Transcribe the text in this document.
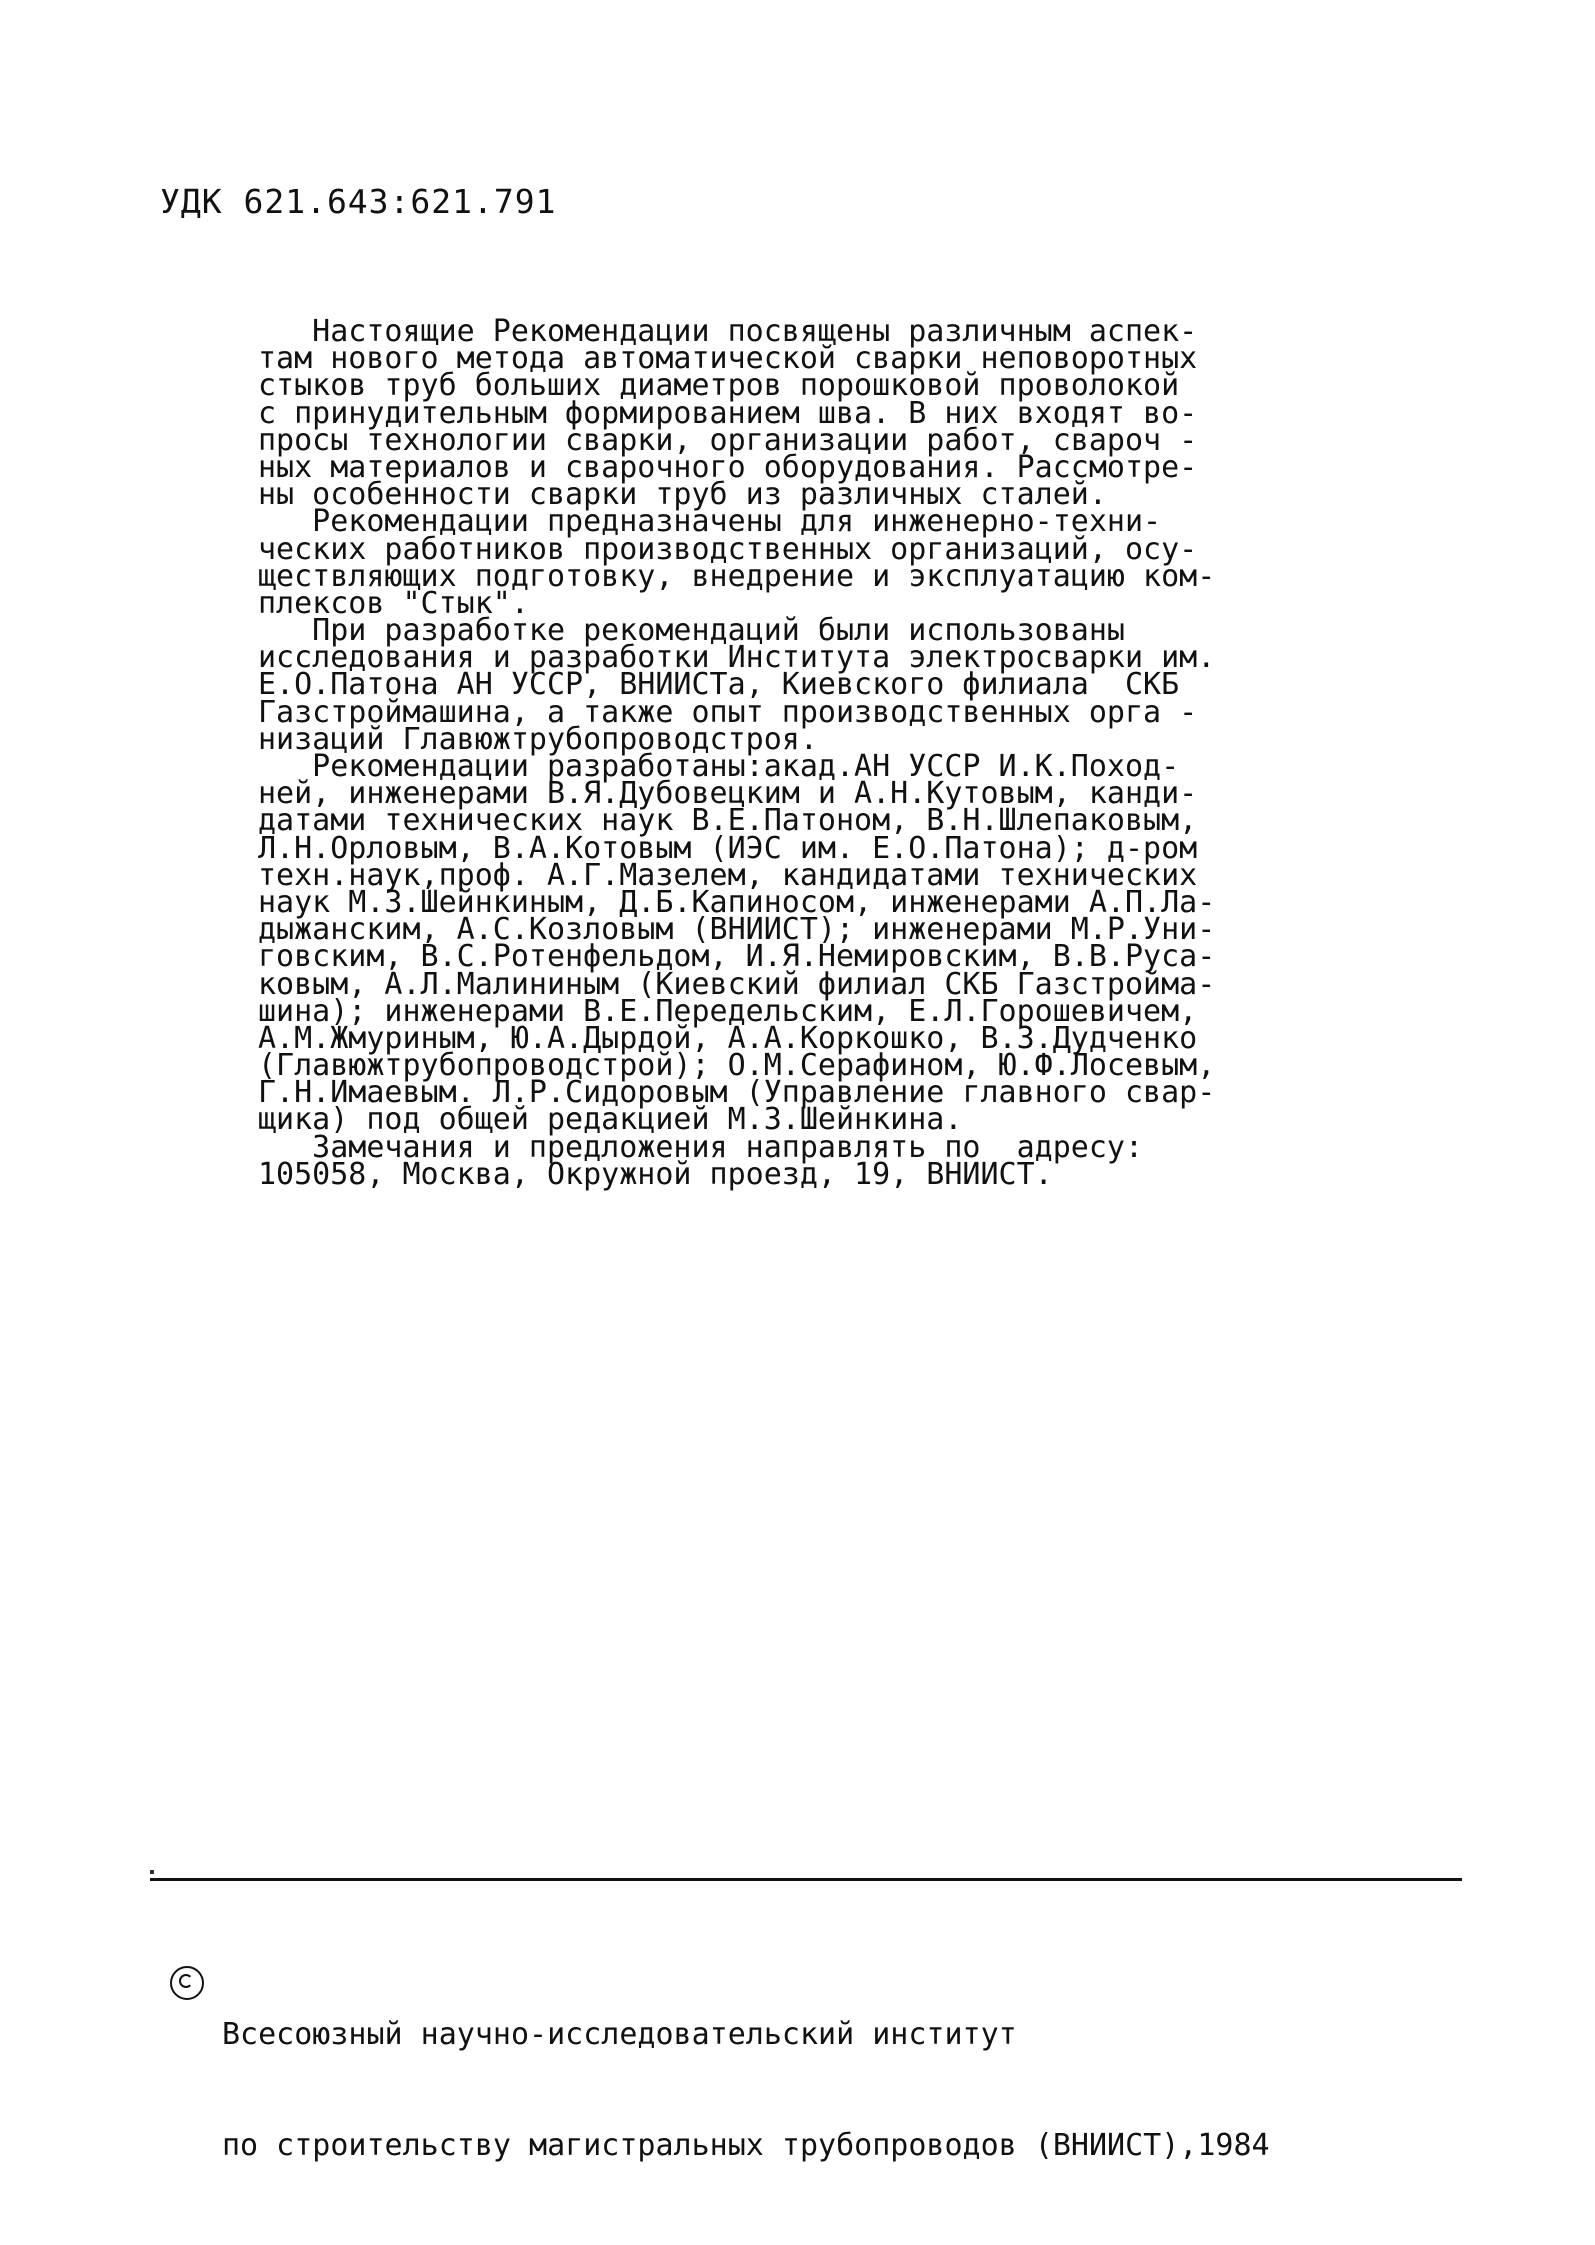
УДК 621.643:621.791
Настоящие Рекомендации посвящены различным аспек-
там нового метода автоматической сварки неповоротных
стыков труб больших диаметров порошковой проволокой
с принудительным формированием шва. В них входят во-
просы технологии сварки, организации работ, свароч -
ных материалов и сварочного оборудования. Рассмотре-
ны особенности сварки труб из различных сталей.
Рекомендации предназначены для инженерно-техни-
ческих работников производственных организаций, осу-
ществляющих подготовку, внедрение и эксплуатацию ком-
плексов "Стык".
При разработке рекомендаций были использованы
исследования и разработки Института электросварки им.
Е.О.Патона АН УССР, ВНИИСТа, Киевского филиала  СКБ
Газстроймашина, а также опыт производственных орга -
низаций Главюжтрубопроводстроя.
Рекомендации разработаны:акад.АН УССР И.К.Поход-
ней, инженерами В.Я.Дубовецким и А.Н.Кутовым, канди-
датами технических наук В.Е.Патоном, В.Н.Шлепаковым,
Л.Н.Орловым, В.А.Котовым (ИЭС им. Е.О.Патона); д-ром
техн.наук,проф. А.Г.Мазелем, кандидатами технических
наук М.З.Шейнкиным, Д.Б.Капиносом, инженерами А.П.Ла-
дыжанским, А.С.Козловым (ВНИИСТ); инженерами М.Р.Уни-
говским, В.С.Ротенфельдом, И.Я.Немировским, В.В.Руса-
ковым, А.Л.Малининым (Киевский филиал СКБ Газстройма-
шина); инженерами В.Е.Передельским, Е.Л.Горошевичем,
А.М.Жмуриным, Ю.А.Дырдой, А.А.Коркошко, В.З.Дудченко
(Главюжтрубопроводстрой); О.М.Серафином, Ю.Ф.Лосевым,
Г.Н.Имаевым. Л.Р.Сидоровым (Управление главного свар-
щика) под общей редакцией М.З.Шейнкина.
Замечания и предложения направлять по  адресу:
105058, Москва, Окружной проезд, 19, ВНИИСТ.

Всесоюзный научно-исследовательский институт

по строительству магистральных трубопроводов (ВНИИСТ),1984
